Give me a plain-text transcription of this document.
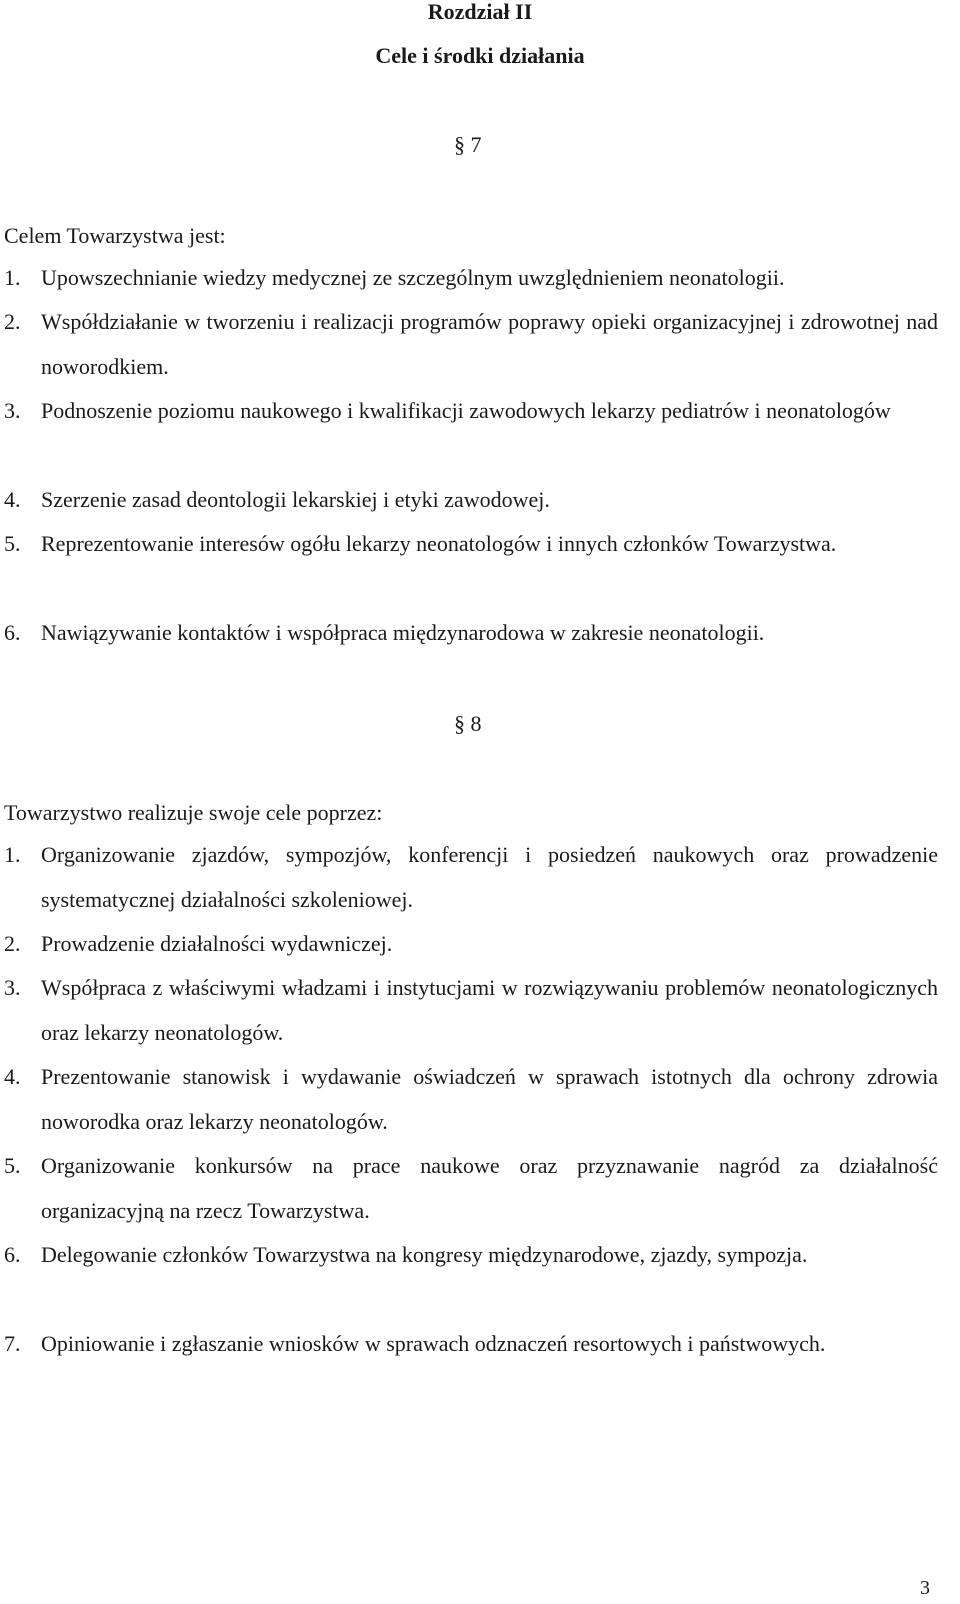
Rozdział II
Cele i środki działania
§ 7
Celem Towarzystwa jest:
1. Upowszechnianie wiedzy medycznej ze szczególnym uwzględnieniem neonatologii.
2. Współdziałanie w tworzeniu i realizacji programów poprawy opieki organizacyjnej i zdrowotnej nad noworodkiem.
3. Podnoszenie poziomu naukowego i kwalifikacji zawodowych lekarzy pediatrów i neonatologów
4. Szerzenie zasad deontologii lekarskiej i etyki zawodowej.
5. Reprezentowanie interesów ogółu lekarzy neonatologów i innych członków Towarzystwa.
6. Nawiązywanie kontaktów i współpraca międzynarodowa w zakresie neonatologii.
§ 8
Towarzystwo realizuje swoje cele poprzez:
1. Organizowanie zjazdów, sympozjów, konferencji i posiedzeń naukowych oraz prowadzenie systematycznej działalności szkoleniowej.
2. Prowadzenie działalności wydawniczej.
3. Współpraca z właściwymi władzami i instytucjami w rozwiązywaniu problemów neonatologicznych oraz lekarzy neonatologów.
4. Prezentowanie stanowisk i wydawanie oświadczeń w sprawach istotnych dla ochrony zdrowia noworodka oraz lekarzy neonatologów.
5. Organizowanie konkursów na prace naukowe oraz przyznawanie nagród za działalność organizacyjną na rzecz Towarzystwa.
6. Delegowanie członków Towarzystwa na kongresy międzynarodowe, zjazdy, sympozja.
7. Opiniowanie i zgłaszanie wniosków w sprawach odznaczeń resortowych i państwowych.
3
